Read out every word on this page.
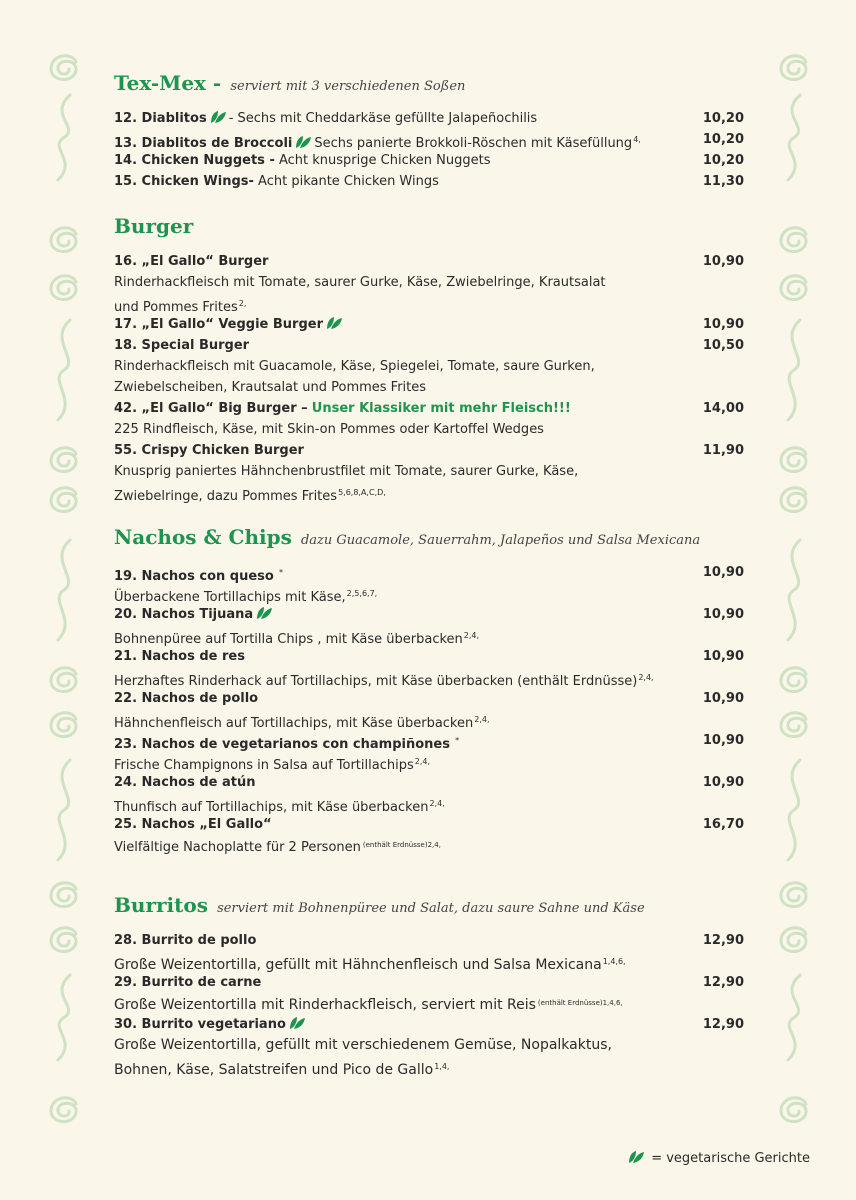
Tex-Mex - serviert mit 3 verschiedenen Soßen
12. Diablitos - Sechs mit Cheddarkäse gefüllte Jalapeñochilis	10,20
13. Diablitos de Broccoli Sechs panierte Brokkoli-Röschen mit Käsefüllung$^{4,}$	10,20
14. Chicken Nuggets - Acht knusprige Chicken Nuggets	10,20
15. Chicken Wings- Acht pikante Chicken Wings	11,30
Burger
16. „El Gallo“ Burger	10,90
Rinderhackfleisch mit Tomate, saurer Gurke, Käse, Zwiebelringe, Krautsalat
und Pommes Frites$^{2,}$
17. „El Gallo“ Veggie Burger	10,90
18. Special Burger	10,50
Rinderhackfleisch mit Guacamole, Käse, Spiegelei, Tomate, saure Gurken,
Zwiebelscheiben, Krautsalat und Pommes Frites
42. „El Gallo“ Big Burger – Unser Klassiker mit mehr Fleisch!!!	14,00
225 Rindfleisch, Käse, mit Skin-on Pommes oder Kartoffel Wedges
55. Crispy Chicken Burger	11,90
Knusprig paniertes Hähnchenbrustfilet mit Tomate, saurer Gurke, Käse,
Zwiebelringe, dazu Pommes Frites$^{5,6,8,A,C,D,}$
Nachos & Chips dazu Guacamole, Sauerrahm, Jalapeños und Salsa Mexicana
19. Nachos con queso *	10,90
Überbackene Tortillachips mit Käse,$^{2,5,6,7,}$
20. Nachos Tijuana	10,90
Bohnenpüree auf Tortilla Chips , mit Käse überbacken$^{2,4,}$
21. Nachos de res	10,90
Herzhaftes Rinderhack auf Tortillachips, mit Käse überbacken (enthält Erdnüsse)$^{2,4,}$
22. Nachos de pollo	10,90
Hähnchenfleisch auf Tortillachips, mit Käse überbacken$^{2,4,}$
23. Nachos de vegetarianos con champiñones *	10,90
Frische Champignons in Salsa auf Tortillachips$^{2,4,}$
24. Nachos de atún	10,90
Thunfisch auf Tortillachips, mit Käse überbacken$^{2,4,}$
25. Nachos „El Gallo“	16,70
Vielfältige Nachoplatte für 2 Personen $^{(enthält Erdnüsse)2,4,}$
Burritos serviert mit Bohnenpüree und Salat, dazu saure Sahne und Käse
28. Burrito de pollo	12,90
Große Weizentortilla, gefüllt mit Hähnchenfleisch und Salsa Mexicana$^{1,4,6,}$
29. Burrito de carne	12,90
Große Weizentortilla mit Rinderhackfleisch, serviert mit Reis $^{(enthält Erdnüsse)1,4,6,}$
30. Burrito vegetariano	12,90
Große Weizentortilla, gefüllt mit verschiedenem Gemüse, Nopalkaktus,
Bohnen, Käse, Salatstreifen und Pico de Gallo$^{1,4,}$
= vegetarische Gerichte
